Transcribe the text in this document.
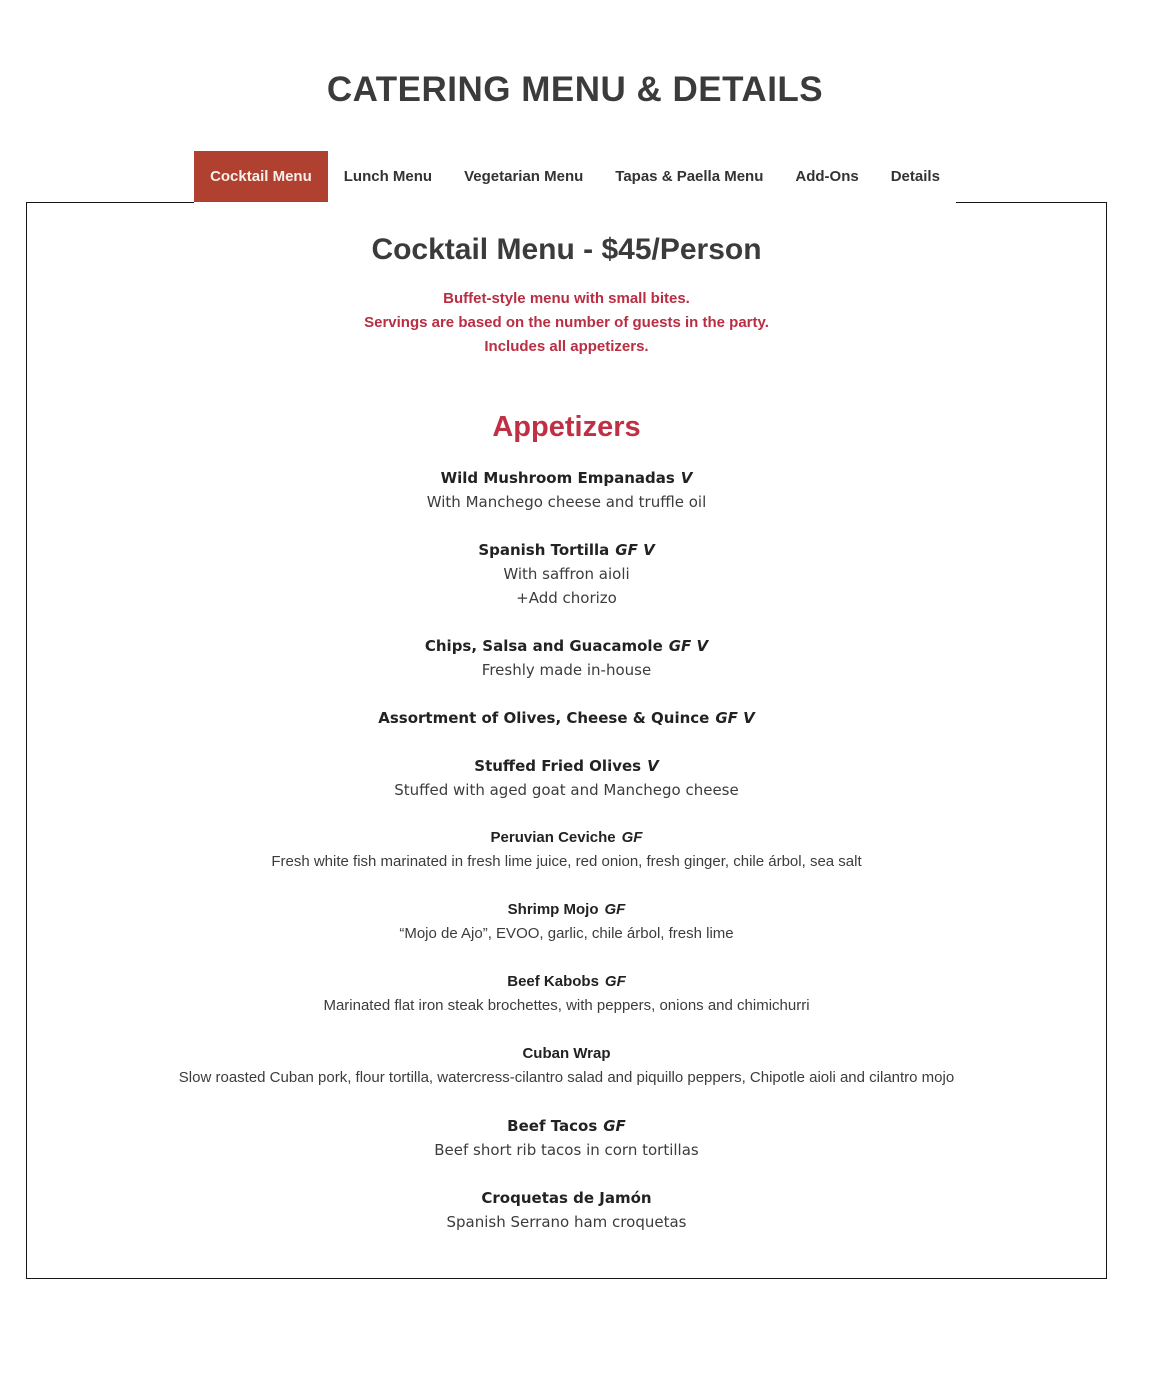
CATERING MENU & DETAILS
Cocktail Menu	Lunch Menu	Vegetarian Menu	Tapas & Paella Menu	Add-Ons	Details
Cocktail Menu - $45/Person
Buffet-style menu with small bites.
Servings are based on the number of guests in the party.
Includes all appetizers.
Appetizers
Wild Mushroom Empanadas V
With Manchego cheese and truffle oil
Spanish Tortilla GF V
With saffron aioli
+Add chorizo
Chips, Salsa and Guacamole GF V
Freshly made in-house
Assortment of Olives, Cheese & Quince GF V
Stuffed Fried Olives V
Stuffed with aged goat and Manchego cheese
Peruvian Ceviche GF
Fresh white fish marinated in fresh lime juice, red onion, fresh ginger, chile árbol, sea salt
Shrimp Mojo GF
“Mojo de Ajo”, EVOO, garlic, chile árbol, fresh lime
Beef Kabobs GF
Marinated flat iron steak brochettes, with peppers, onions and chimichurri
Cuban Wrap
Slow roasted Cuban pork, flour tortilla, watercress-cilantro salad and piquillo peppers, Chipotle aioli and cilantro mojo
Beef Tacos GF
Beef short rib tacos in corn tortillas
Croquetas de Jamón
Spanish Serrano ham croquetas
